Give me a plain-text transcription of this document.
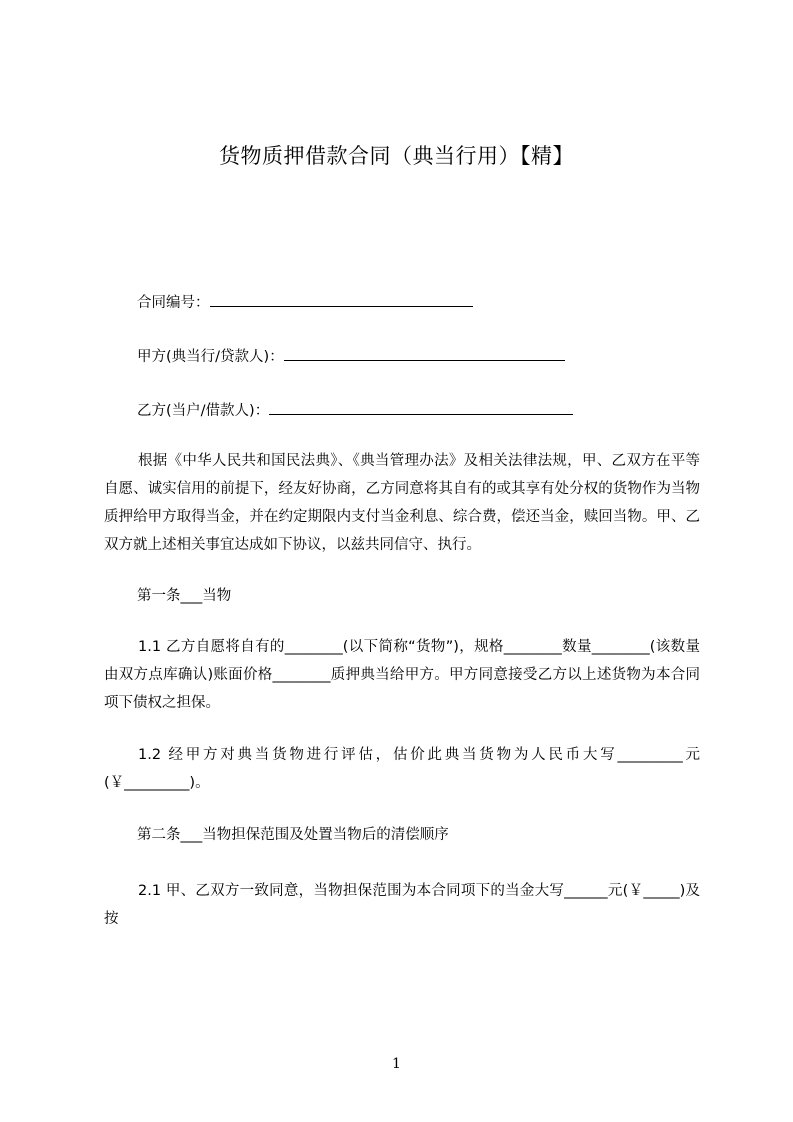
货物质押借款合同（典当行用）【精】
合同编号：
甲方(典当行/贷款人)：
乙方(当户/借款人)：

根据《中华人民共和国民法典》、《典当管理办法》及相关法律法规，甲、乙双方在平等自愿、诚实信用的前提下，经友好协商，乙方同意将其自有的或其享有处分权的货物作为当物质押给甲方取得当金，并在约定期限内支付当金利息、综合费，偿还当金，赎回当物。甲、乙双方就上述相关事宜达成如下协议，以兹共同信守、执行。

第一条___当物

1.1 乙方自愿将自有的________(以下简称“货物”)，规格________数量________(该数量由双方点库确认)账面价格________质押典当给甲方。甲方同意接受乙方以上述货物为本合同项下债权之担保。

1.2 经甲方对典当货物进行评估，估价此典当货物为人民币大写_________元(￥_________)。

第二条___当物担保范围及处置当物后的清偿顺序

2.1 甲、乙双方一致同意，当物担保范围为本合同项下的当金大写______元(￥_____)及按

1
